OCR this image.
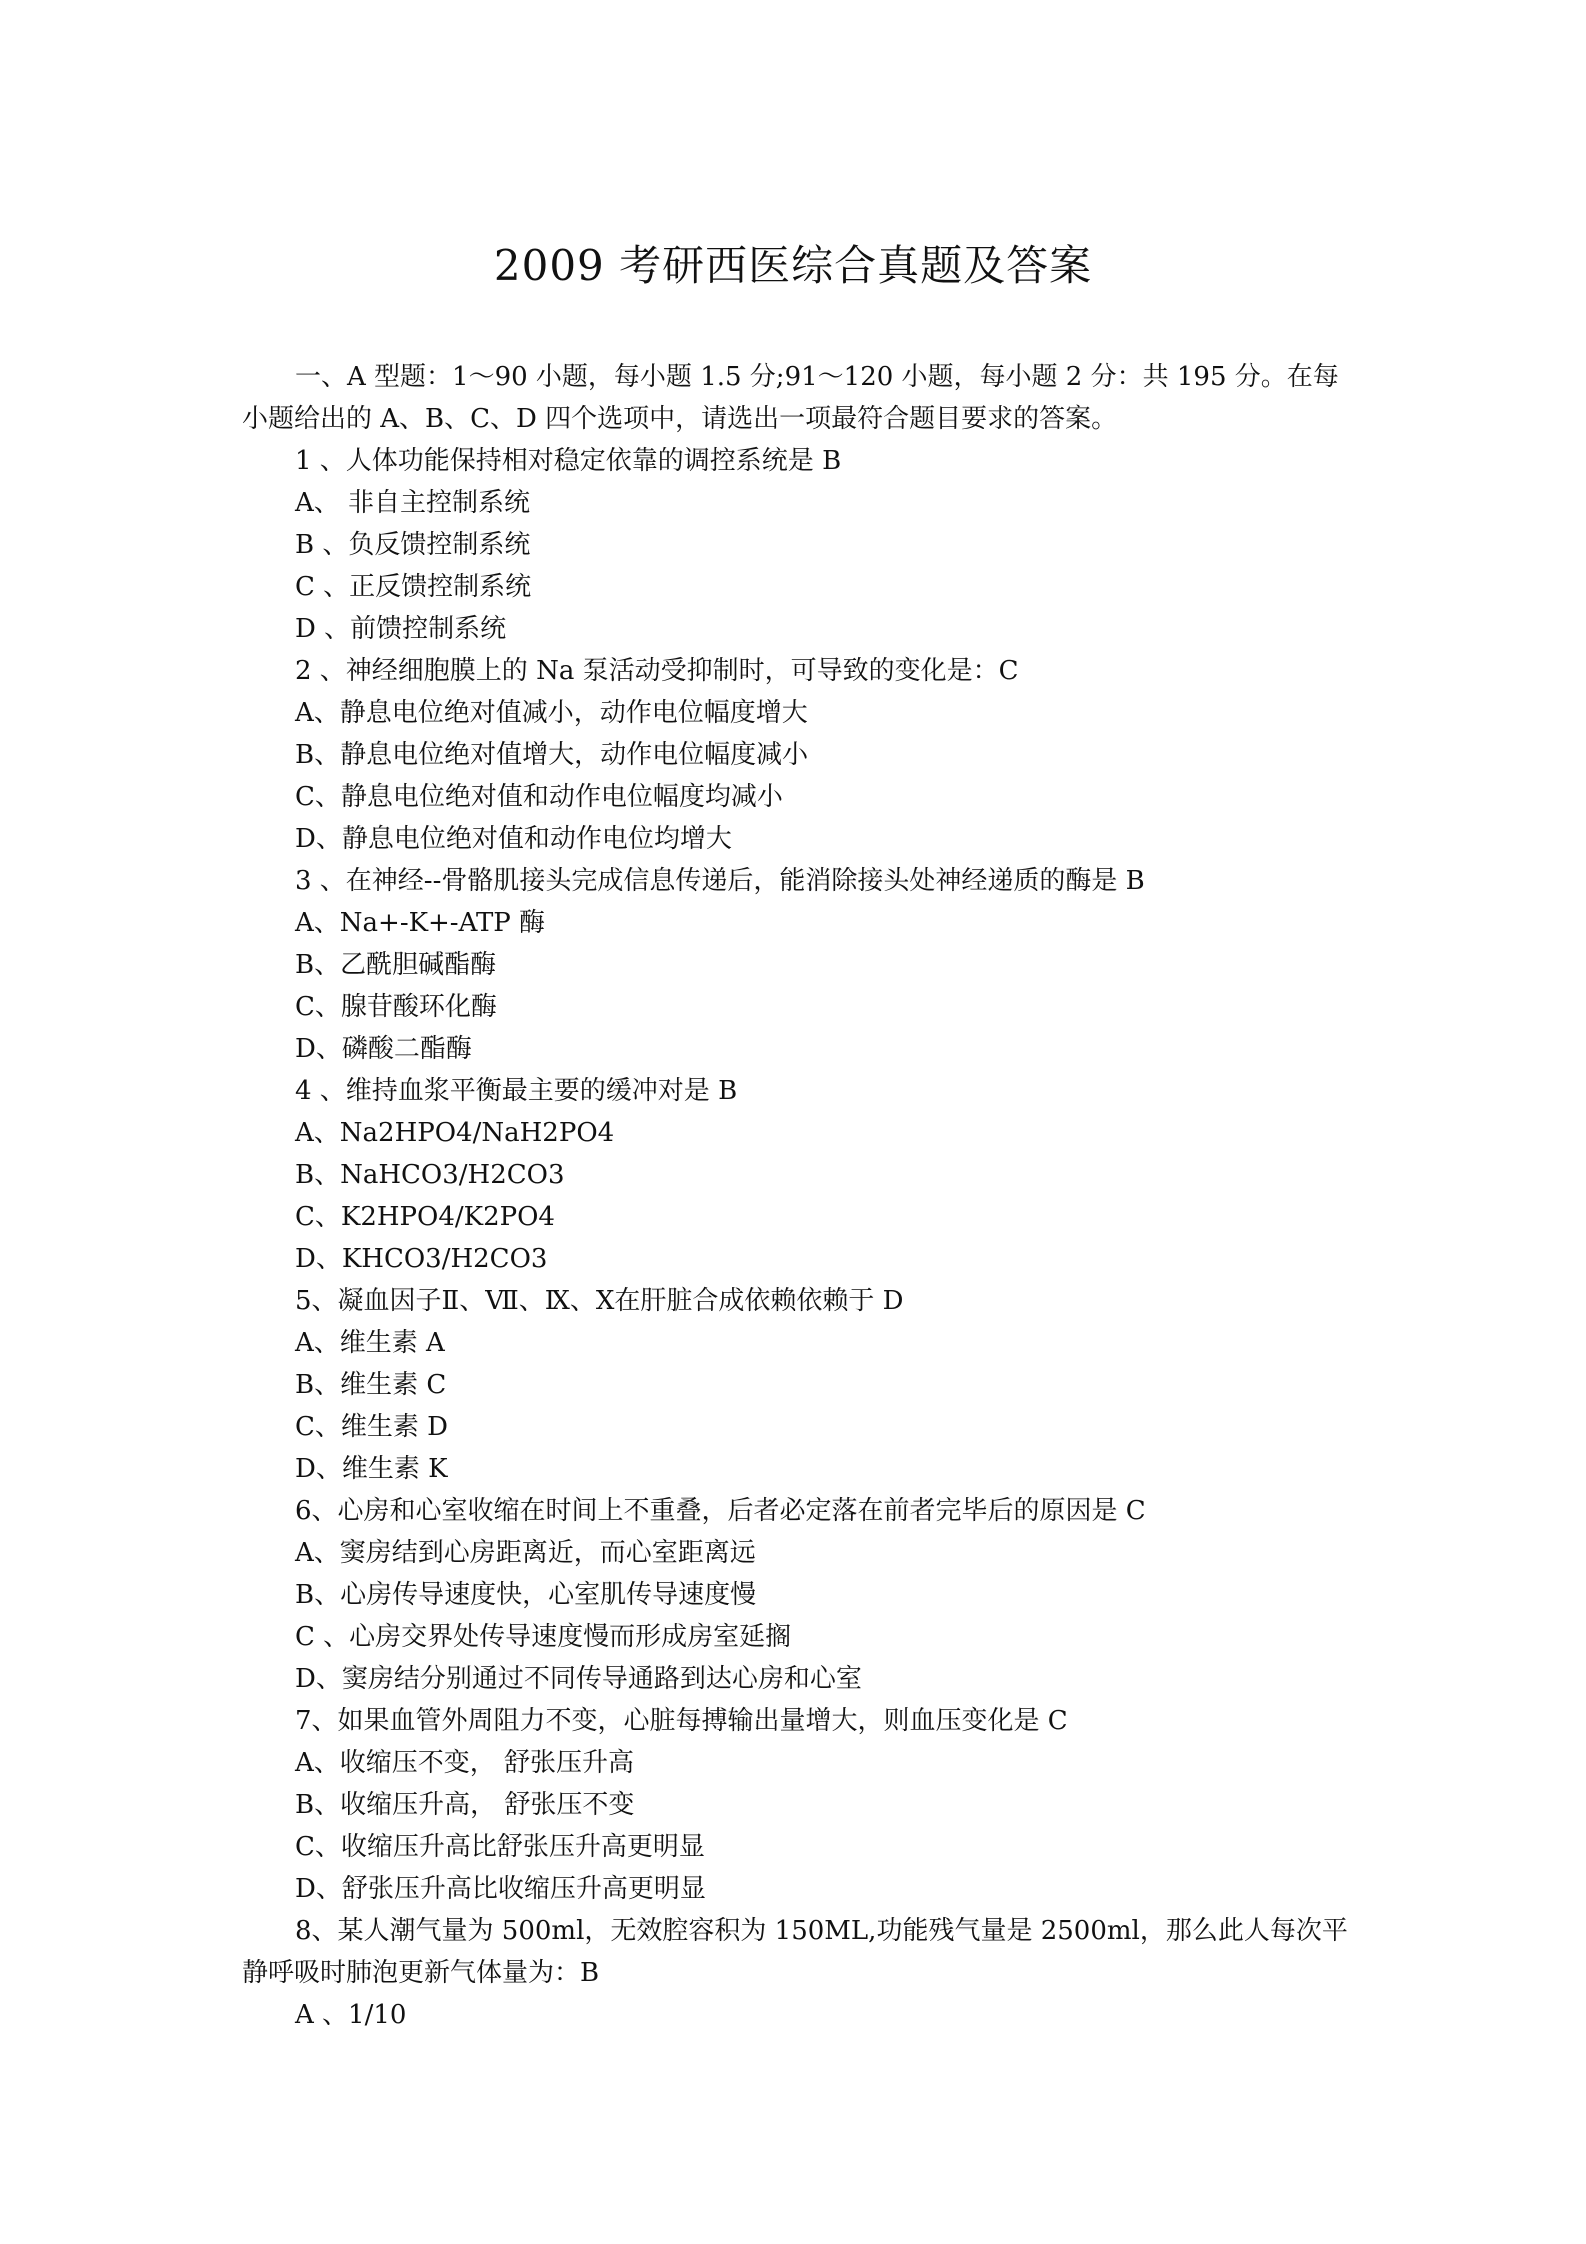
2009 考研西医综合真题及答案

一、A 型题：1～90 小题，每小题 1.5 分;91～120 小题，每小题 2 分：共 195 分。在每小题给出的 A、B、C、D 四个选项中，请选出一项最符合题目要求的答案。

1 、人体功能保持相对稳定依靠的调控系统是 B

A、 非自主控制系统

B 、负反馈控制系统

C 、正反馈控制系统

D 、前馈控制系统

2 、神经细胞膜上的 Na 泵活动受抑制时，可导致的变化是：C

A、静息电位绝对值减小，动作电位幅度增大

B、静息电位绝对值增大，动作电位幅度减小

C、静息电位绝对值和动作电位幅度均减小

D、静息电位绝对值和动作电位均增大

3 、在神经--骨骼肌接头完成信息传递后，能消除接头处神经递质的酶是 B

A、Na+-K+-ATP 酶

B、乙酰胆碱酯酶

C、腺苷酸环化酶

D、磷酸二酯酶

4 、维持血浆平衡最主要的缓冲对是 B

A、Na2HPO4/NaH2PO4

B、NaHCO3/H2CO3

C、K2HPO4/K2PO4

D、KHCO3/H2CO3

5、凝血因子Ⅱ、Ⅶ、Ⅸ、Ⅹ在肝脏合成依赖依赖于 D

A、维生素 A

B、维生素 C

C、维生素 D

D、维生素 K

6、心房和心室收缩在时间上不重叠，后者必定落在前者完毕后的原因是 C

A、窦房结到心房距离近，而心室距离远

B、心房传导速度快，心室肌传导速度慢

C 、心房交界处传导速度慢而形成房室延搁

D、窦房结分别通过不同传导通路到达心房和心室

7、如果血管外周阻力不变，心脏每搏输出量增大，则血压变化是 C

A、收缩压不变， 舒张压升高

B、收缩压升高， 舒张压不变

C、收缩压升高比舒张压升高更明显

D、舒张压升高比收缩压升高更明显

8、某人潮气量为 500ml，无效腔容积为 150ML,功能残气量是 2500ml，那么此人每次平静呼吸时肺泡更新气体量为：B

A 、1/10
